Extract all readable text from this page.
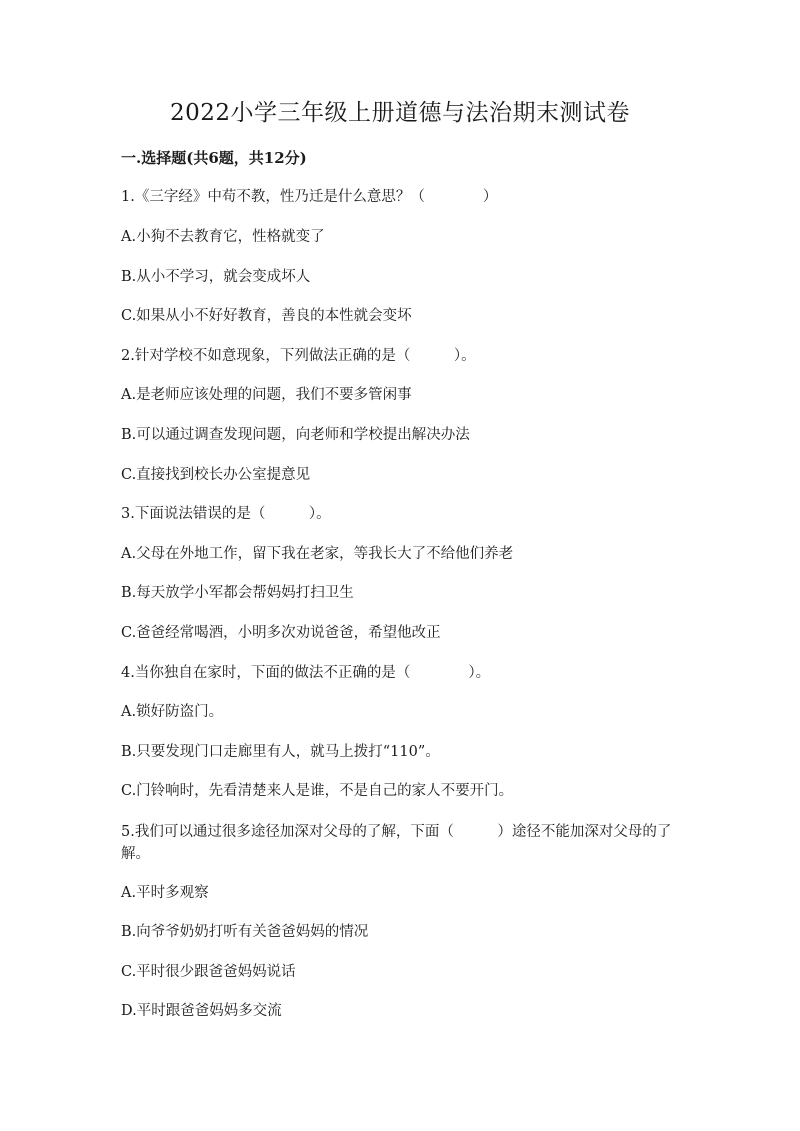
2022小学三年级上册道德与法治期末测试卷
一.选择题(共6题，共12分)
1.《三字经》中苟不教，性乃迁是什么意思？（　　　　）
A.小狗不去教育它，性格就变了
B.从小不学习，就会变成坏人
C.如果从小不好好教育，善良的本性就会变坏
2.针对学校不如意现象，下列做法正确的是（　　　）。
A.是老师应该处理的问题，我们不要多管闲事
B.可以通过调查发现问题，向老师和学校提出解决办法
C.直接找到校长办公室提意见
3.下面说法错误的是（　　　）。
A.父母在外地工作，留下我在老家，等我长大了不给他们养老
B.每天放学小军都会帮妈妈打扫卫生
C.爸爸经常喝酒，小明多次劝说爸爸，希望他改正
4.当你独自在家时，下面的做法不正确的是（　　　　）。
A.锁好防盗门。
B.只要发现门口走廊里有人，就马上拨打“110”。
C.门铃响时，先看清楚来人是谁，不是自己的家人不要开门。
5.我们可以通过很多途径加深对父母的了解，下面（　　　）途径不能加深对父母的了解。
A.平时多观察
B.向爷爷奶奶打听有关爸爸妈妈的情况
C.平时很少跟爸爸妈妈说话
D.平时跟爸爸妈妈多交流
